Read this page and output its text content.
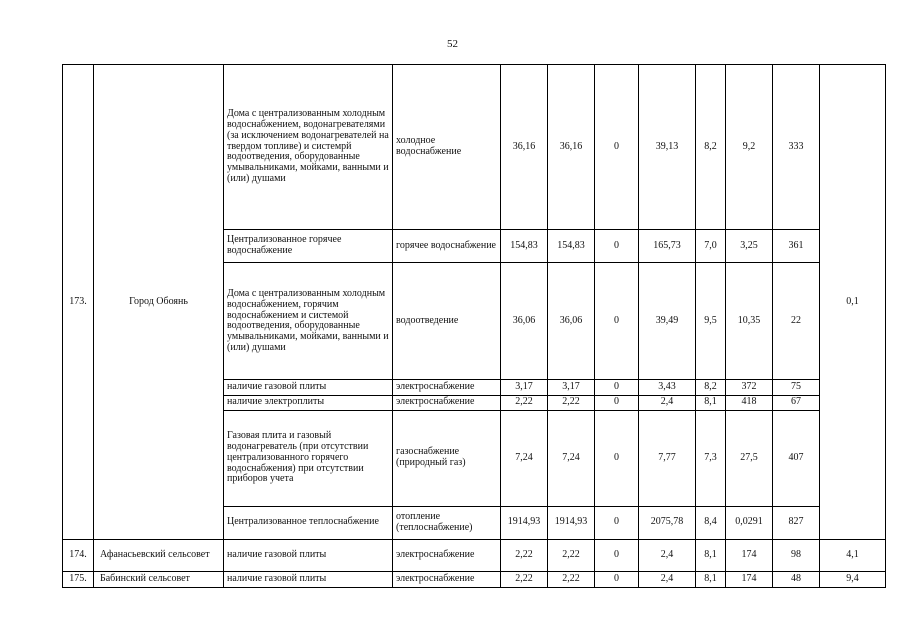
52
173.	Город Обоянь	Дома с централизованным холодным водоснабжением, водонагревателями (за исключением водонагревателей на твердом топливе) и системрй водоотведения, оборудованные умывальниками, мойками, ванными и (или) душами	холодное водоснабжение	36,16	36,16	0	39,13	8,2	9,2	333	0,1
		Централизованное горячее водоснабжение	горячее водоснабжение	154,83	154,83	0	165,73	7,0	3,25	361	
		Дома с централизованным холодным водоснабжением, горячим водоснабжением и системой водоотведения, оборудованные умывальниками, мойками, ванными и (или) душами	водоотведение	36,06	36,06	0	39,49	9,5	10,35	22	
		наличие газовой плиты	электроснабжение	3,17	3,17	0	3,43	8,2	372	75	
		наличие электроплиты	электроснабжение	2,22	2,22	0	2,4	8,1	418	67	
		Газовая плита и газовый водонагреватель (при отсутствии централизованного горячего водоснабжения) при отсутствии приборов учета	газоснабжение (природный газ)	7,24	7,24	0	7,77	7,3	27,5	407	
		Централизованное теплоснабжение	отопление (теплоснабжение)	1914,93	1914,93	0	2075,78	8,4	0,0291	827	
174.	Афанасьевский сельсовет	наличие газовой плиты	электроснабжение	2,22	2,22	0	2,4	8,1	174	98	4,1
175.	Бабинский сельсовет	наличие газовой плиты	электроснабжение	2,22	2,22	0	2,4	8,1	174	48	9,4
